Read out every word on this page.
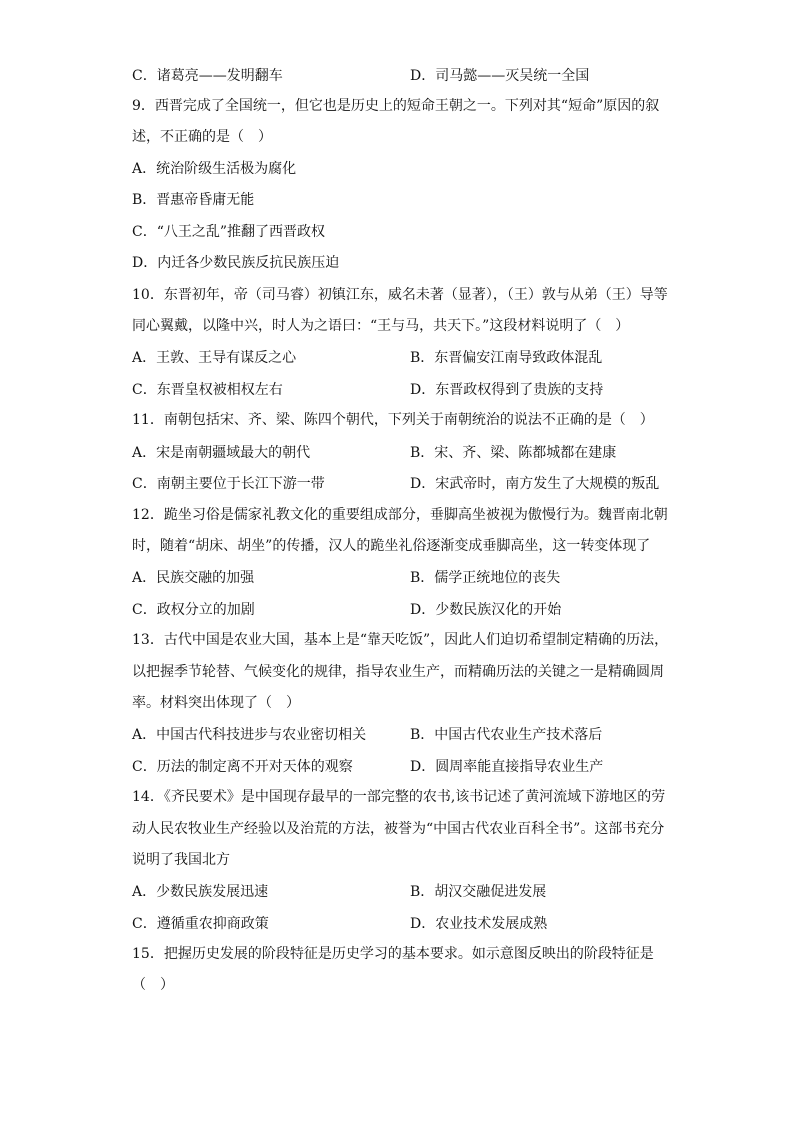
C．诸葛亮——发明翻车	D．司马懿——灭吴统一全国
9．西晋完成了全国统一，但它也是历史上的短命王朝之一。下列对其“短命”原因的叙
述，不正确的是（　）
A．统治阶级生活极为腐化
B．晋惠帝昏庸无能
C．“八王之乱”推翻了西晋政权
D．内迁各少数民族反抗民族压迫
10．东晋初年，帝（司马睿）初镇江东，威名未著（显著），（王）敦与从弟（王）导等
同心翼戴，以隆中兴，时人为之语曰：“王与马，共天下。”这段材料说明了（　）
A．王敦、王导有谋反之心	B．东晋偏安江南导致政体混乱
C．东晋皇权被相权左右	D．东晋政权得到了贵族的支持
11．南朝包括宋、齐、梁、陈四个朝代，下列关于南朝统治的说法不正确的是（　）
A．宋是南朝疆域最大的朝代	B．宋、齐、梁、陈都城都在建康
C．南朝主要位于长江下游一带	D．宋武帝时，南方发生了大规模的叛乱
12．跪坐习俗是儒家礼教文化的重要组成部分，垂脚高坐被视为傲慢行为。魏晋南北朝
时，随着“胡床、胡坐”的传播，汉人的跪坐礼俗逐渐变成垂脚高坐，这一转变体现了
A．民族交融的加强	B．儒学正统地位的丧失
C．政权分立的加剧	D．少数民族汉化的开始
13．古代中国是农业大国，基本上是“靠天吃饭”，因此人们迫切希望制定精确的历法，
以把握季节轮替、气候变化的规律，指导农业生产，而精确历法的关键之一是精确圆周
率。材料突出体现了（　）
A．中国古代科技进步与农业密切相关	B．中国古代农业生产技术落后
C．历法的制定离不开对天体的观察	D．圆周率能直接指导农业生产
14．《齐民要术》是中国现存最早的一部完整的农书,该书记述了黄河流域下游地区的劳
动人民农牧业生产经验以及治荒的方法，被誉为“中国古代农业百科全书”。这部书充分
说明了我国北方
A．少数民族发展迅速	B．胡汉交融促进发展
C．遵循重农抑商政策	D．农业技术发展成熟
15．把握历史发展的阶段特征是历史学习的基本要求。如示意图反映出的阶段特征是
（　）
